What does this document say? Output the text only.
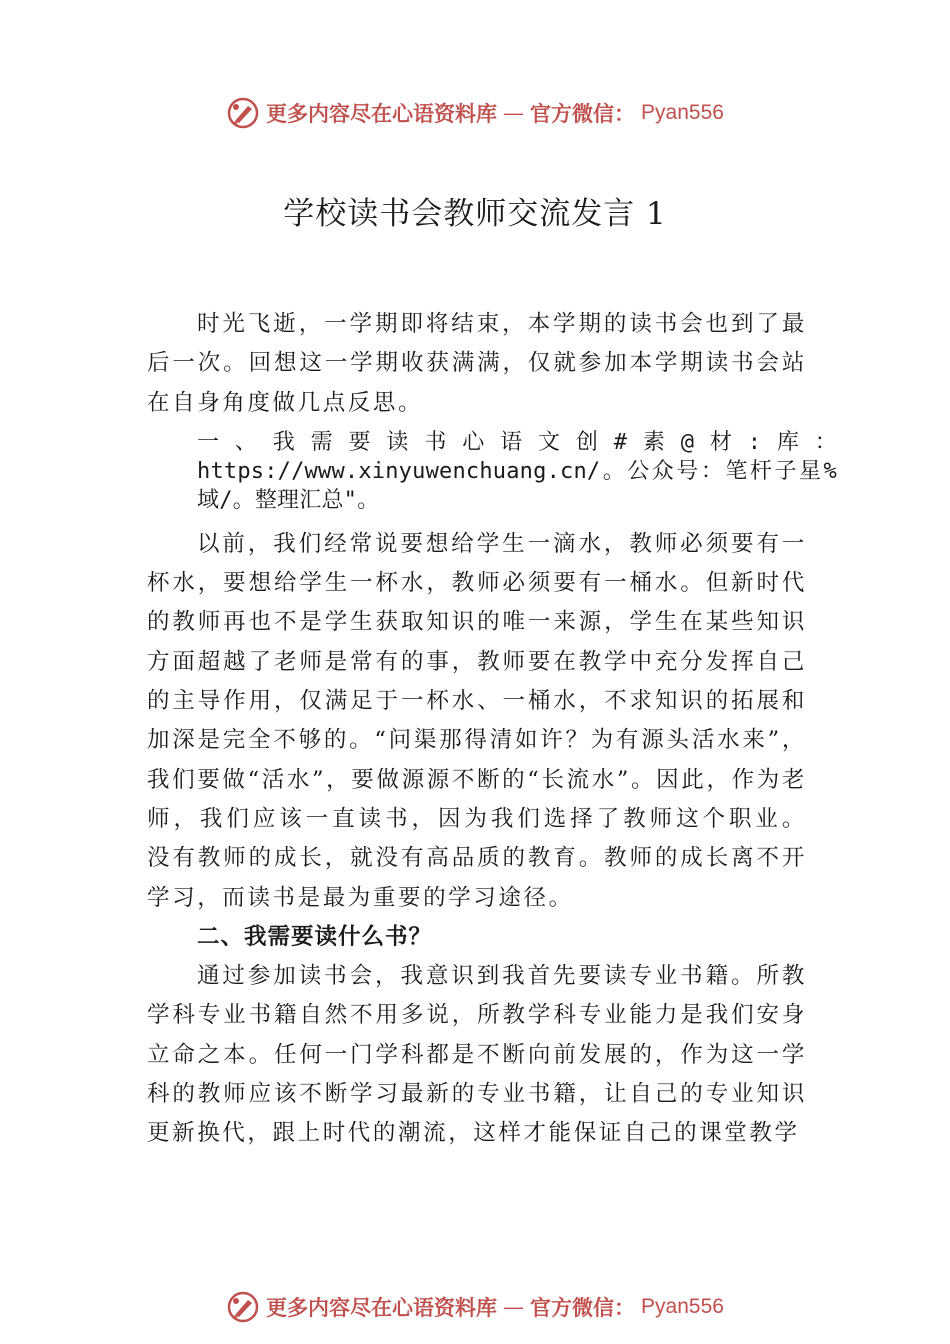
更多内容尽在心语资料库 — 官方微信： Pyan556
学校读书会教师交流发言 1

时光飞逝，一学期即将结束，本学期的读书会也到了最后一次。回想这一学期收获满满，仅就参加本学期读书会站在自身角度做几点反思。

一、我需要读书心语文创#素@材:库：https://www.xinyuwenchuang.cn/。公众号：笔杆子星%域/。整理汇总"。

以前，我们经常说要想给学生一滴水，教师必须要有一杯水，要想给学生一杯水，教师必须要有一桶水。但新时代的教师再也不是学生获取知识的唯一来源，学生在某些知识方面超越了老师是常有的事，教师要在教学中充分发挥自己的主导作用，仅满足于一杯水、一桶水，不求知识的拓展和加深是完全不够的。“问渠那得清如许？为有源头活水来”，我们要做“活水”，要做源源不断的“长流水”。因此，作为老师，我们应该一直读书，因为我们选择了教师这个职业。 没有教师的成长，就没有高品质的教育。教师的成长离不开学习，而读书是最为重要的学习途径。

二、我需要读什么书？

通过参加读书会，我意识到我首先要读专业书籍。所教学科专业书籍自然不用多说，所教学科专业能力是我们安身立命之本。任何一门学科都是不断向前发展的，作为这一学科的教师应该不断学习最新的专业书籍，让自己的专业知识更新换代，跟上时代的潮流，这样才能保证自己的课堂教学

更多内容尽在心语资料库 — 官方微信： Pyan556
